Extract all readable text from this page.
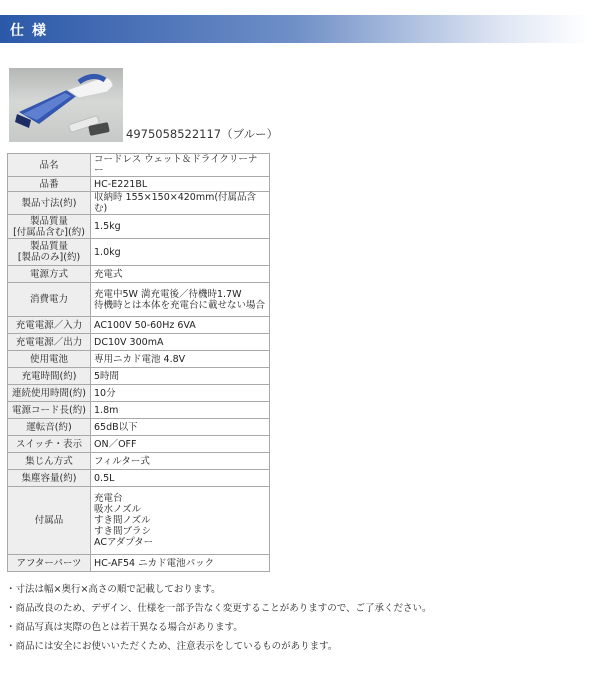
仕様
4975058522117（ブルー）
品名	コードレス ウェット＆ドライクリーナー
品番	HC-E221BL
製品寸法(約)	収納時 155×150×420mm(付属品含む)
製品質量
[付属品含む](約)	1.5kg
製品質量
[製品のみ](約)	1.0kg
電源方式	充電式
消費電力	充電中5W 満充電後／待機時1.7W
待機時とは本体を充電台に載せない場合
充電電源／入力	AC100V 50-60Hz 6VA
充電電源／出力	DC10V 300mA
使用電池	専用ニカド電池 4.8V
充電時間(約)	5時間
連続使用時間(約)	10分
電源コード長(約)	1.8m
運転音(約)	65dB以下
スイッチ・表示	ON／OFF
集じん方式	フィルター式
集塵容量(約)	0.5L
付属品	充電台
吸水ノズル
すき間ノズル
すき間ブラシ
ACアダプター
アフターパーツ	HC-AF54 ニカド電池パック
・寸法は幅×奥行×高さの順で記載しております。
・商品改良のため、デザイン、仕様を一部予告なく変更することがありますので、ご了承ください。
・商品写真は実際の色とは若干異なる場合があります。
・商品には安全にお使いいただくため、注意表示をしているものがあります。
